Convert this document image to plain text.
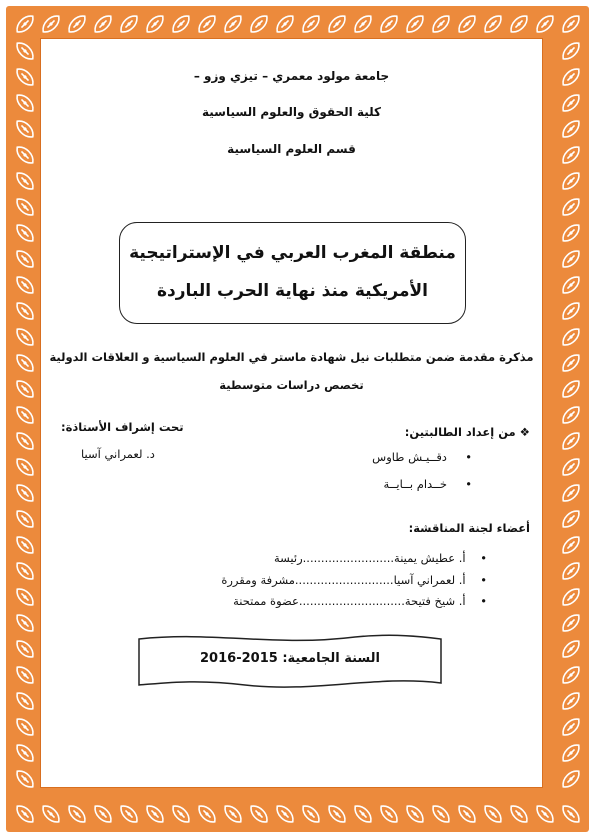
جامعة مولود معمري – تيزي وزو –
كلية الحقوق والعلوم السياسية
قسم العلوم السياسية
منطقة المغرب العربي في الإستراتيجية
الأمريكية منذ نهاية الحرب الباردة
مذكرة مقدمة ضمن متطلبات نيل شهادة ماستر في العلوم السياسية و العلاقات الدولية
تخصص دراسات متوسطية
❖ من إعداد الطالبتين:
تحت إشراف الأستاذة:
د. لعمراني آسيا	•     دقــيـش طاوس
•     خــدام بــايــة
أعضاء لجنة المناقشة:
•    أ. عطيش يمينة.........................رئيسة
•    أ. لعمراني آسيا...........................مشرفة ومقررة
•    أ. شيخ فتيحة.............................عضوة ممتحنة
السنة الجامعية: 2015-2016
